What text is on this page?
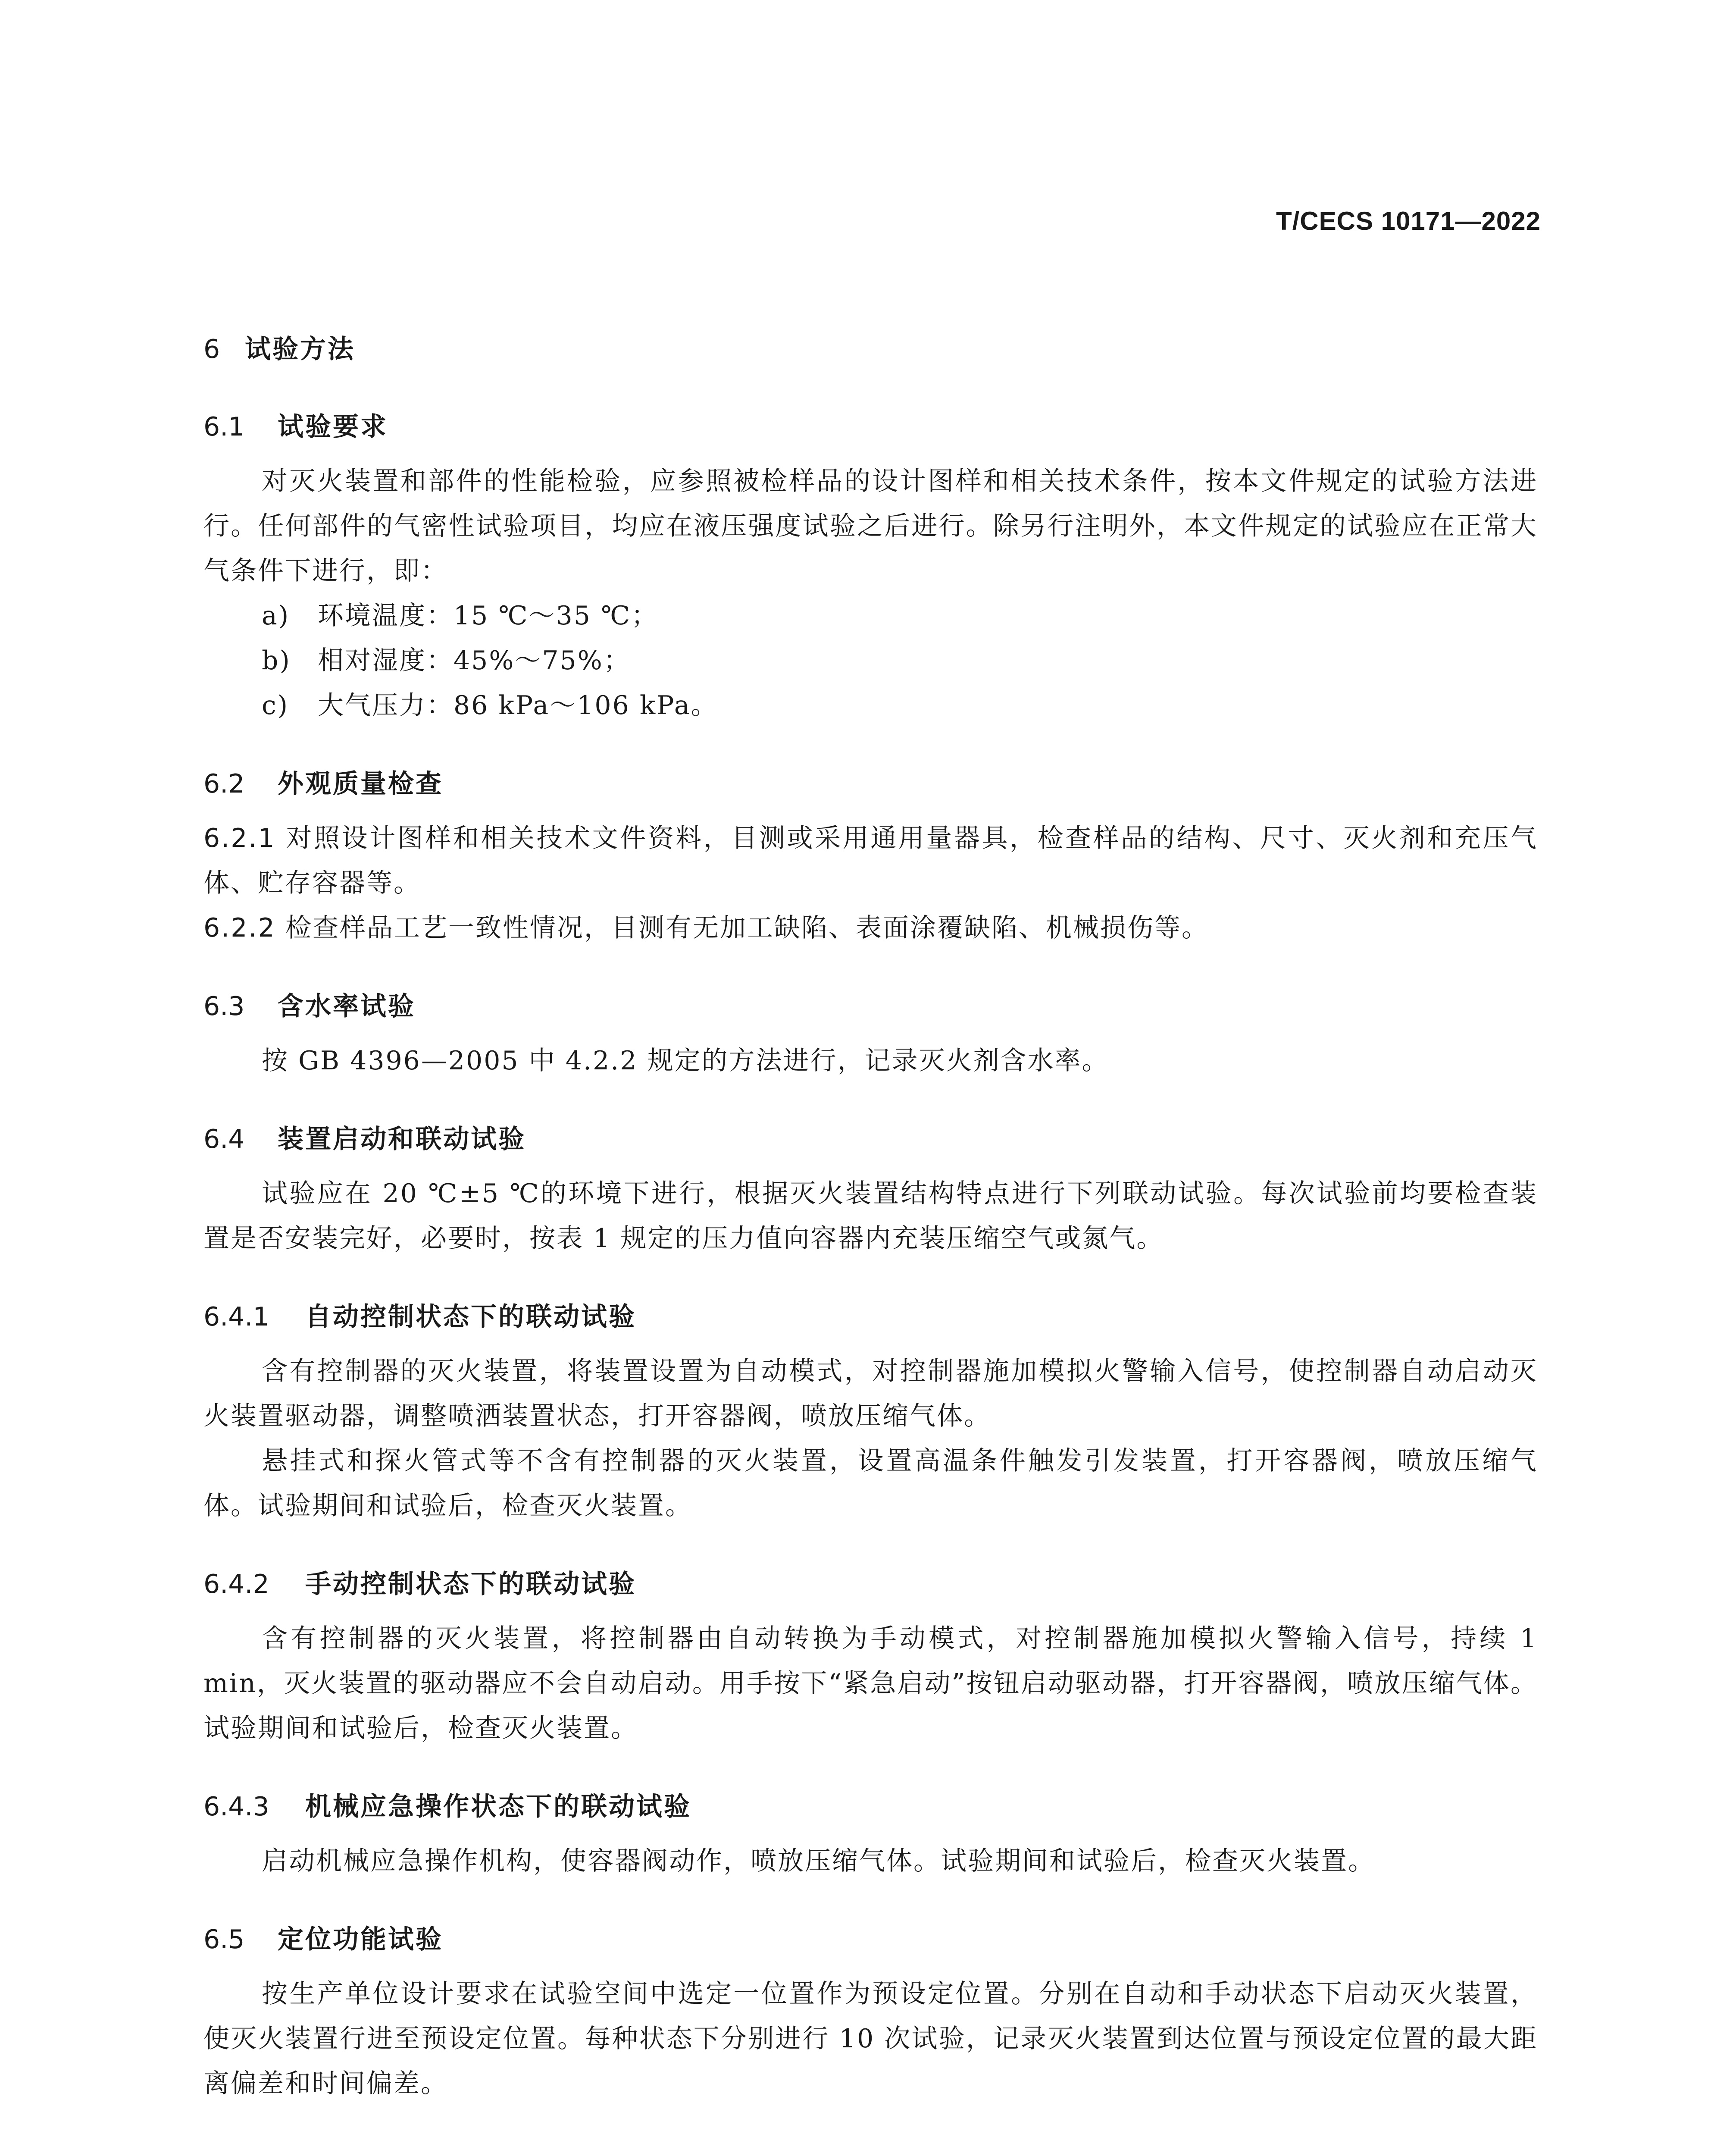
T/CECS 10171—2022
6 试验方法
6.1 试验要求
对灭火装置和部件的性能检验，应参照被检样品的设计图样和相关技术条件，按本文件规定的试验方法进行。任何部件的气密性试验项目，均应在液压强度试验之后进行。除另行注明外，本文件规定的试验应在正常大气条件下进行，即：
a) 环境温度：15 ℃～35 ℃；
b) 相对湿度：45%～75%；
c) 大气压力：86 kPa～106 kPa。
6.2 外观质量检查
6.2.1 对照设计图样和相关技术文件资料，目测或采用通用量器具，检查样品的结构、尺寸、灭火剂和充压气体、贮存容器等。
6.2.2 检查样品工艺一致性情况，目测有无加工缺陷、表面涂覆缺陷、机械损伤等。
6.3 含水率试验
按 GB 4396—2005 中 4.2.2 规定的方法进行，记录灭火剂含水率。
6.4 装置启动和联动试验
试验应在 20 ℃±5 ℃的环境下进行，根据灭火装置结构特点进行下列联动试验。每次试验前均要检查装置是否安装完好，必要时，按表 1 规定的压力值向容器内充装压缩空气或氮气。
6.4.1 自动控制状态下的联动试验
含有控制器的灭火装置，将装置设置为自动模式，对控制器施加模拟火警输入信号，使控制器自动启动灭火装置驱动器，调整喷洒装置状态，打开容器阀，喷放压缩气体。
悬挂式和探火管式等不含有控制器的灭火装置，设置高温条件触发引发装置，打开容器阀，喷放压缩气体。试验期间和试验后，检查灭火装置。
6.4.2 手动控制状态下的联动试验
含有控制器的灭火装置，将控制器由自动转换为手动模式，对控制器施加模拟火警输入信号，持续 1 min，灭火装置的驱动器应不会自动启动。用手按下“紧急启动”按钮启动驱动器，打开容器阀，喷放压缩气体。试验期间和试验后，检查灭火装置。
6.4.3 机械应急操作状态下的联动试验
启动机械应急操作机构，使容器阀动作，喷放压缩气体。试验期间和试验后，检查灭火装置。
6.5 定位功能试验
按生产单位设计要求在试验空间中选定一位置作为预设定位置。分别在自动和手动状态下启动灭火装置，使灭火装置行进至预设定位置。每种状态下分别进行 10 次试验，记录灭火装置到达位置与预设定位置的最大距离偏差和时间偏差。
